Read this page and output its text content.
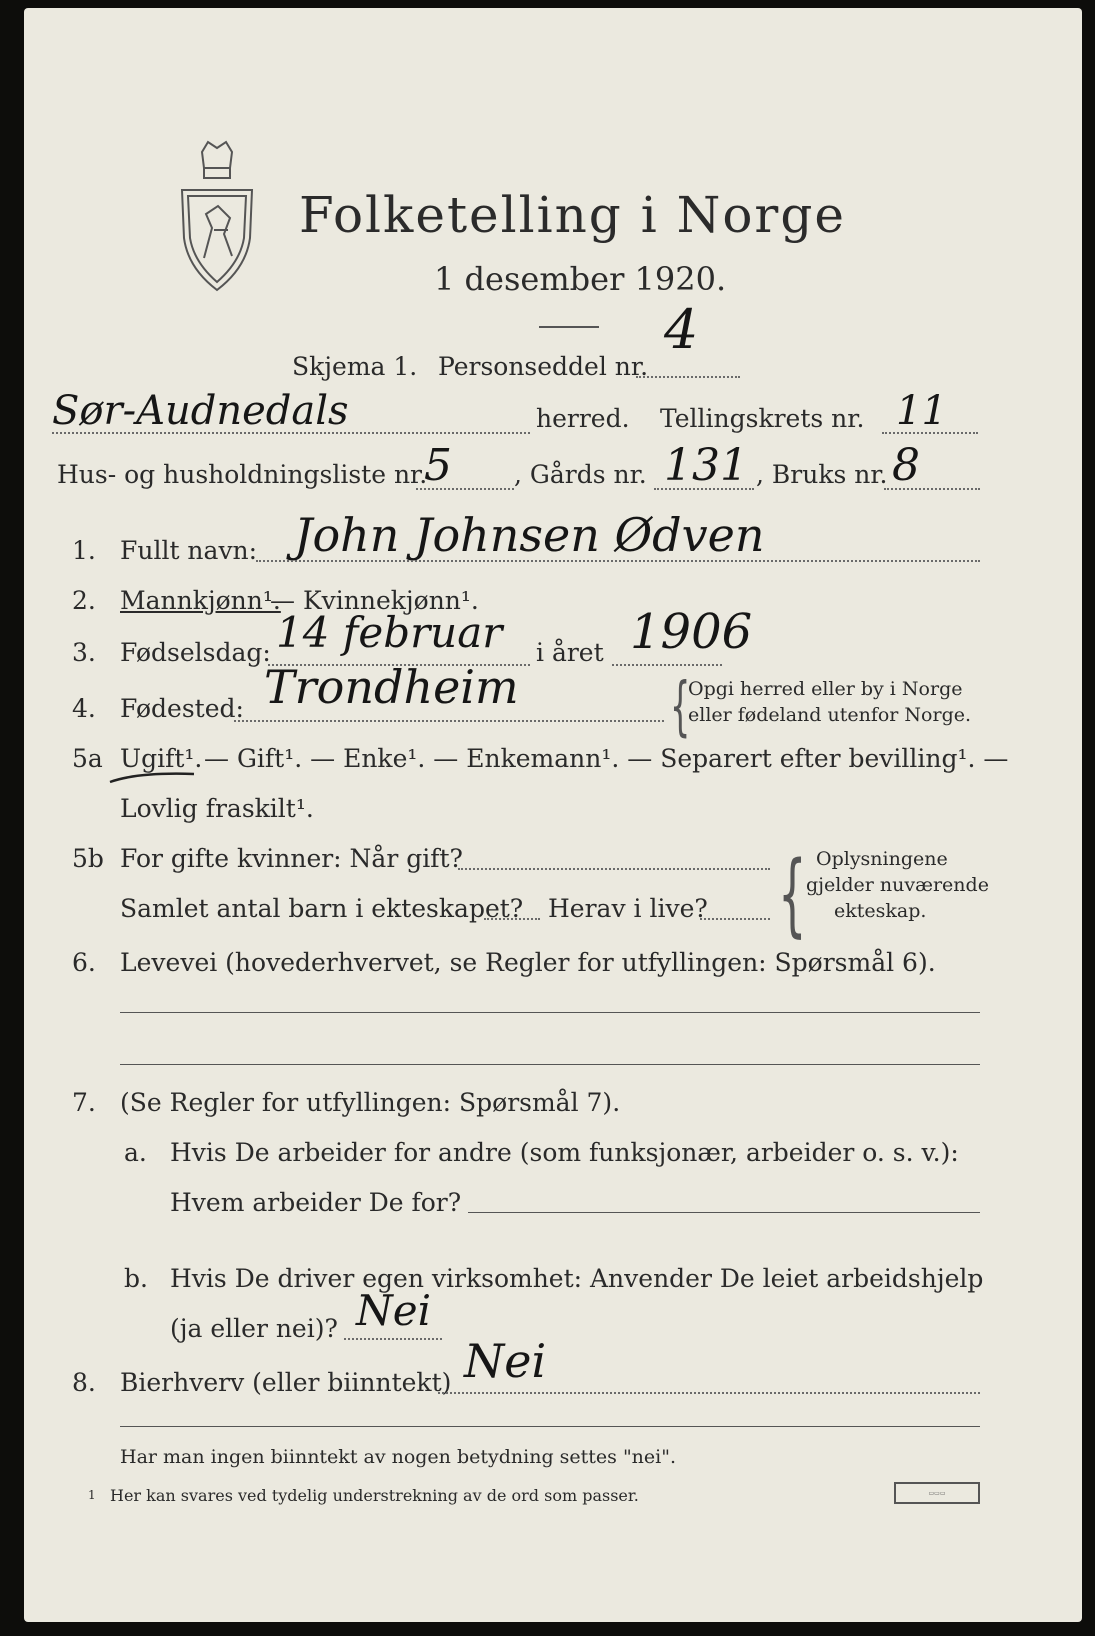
Folketelling i Norge
1 desember 1920.
4
Skjema 1. Personseddel nr.
Sør-Audnedals	herred. Tellingskrets nr. 11
Hus- og husholdningsliste nr.
5 , Gårds nr. 131 , Bruks nr. 8
1. Fullt navn: John Johnsen Ødven
2. Mannkjønn¹.
— Kvinnekjønn¹.
3. Fødselsdag: 14 februar i året 1906
4. Fødested: Trondheim {
Opgi herred eller by i Norge
eller fødeland utenfor Norge.
5a Ugift¹. — Gift¹. — Enke¹. — Enkemann¹. — Separert efter bevilling¹. —
Lovlig fraskilt¹.
5b For gifte kvinner: Når gift?
Samlet antal barn i ekteskapet? Herav i live? { Oplysningene
gjelder nuværende
ekteskap.
6. Levevei (hovederhvervet, se Regler for utfyllingen: Spørsmål 6).
7. (Se Regler for utfyllingen: Spørsmål 7).
a. Hvis De arbeider for andre (som funksjonær, arbeider o. s. v.):
Hvem arbeider De for?
b. Hvis De driver egen virksomhet: Anvender De leiet arbeidshjelp
(ja eller nei)? Nei
8. Bierhverv (eller biinntekt) Nei
Har man ingen biinntekt av nogen betydning settes "nei".
1 Her kan svares ved tydelig understrekning av de ord som passer.	▭▭▭
